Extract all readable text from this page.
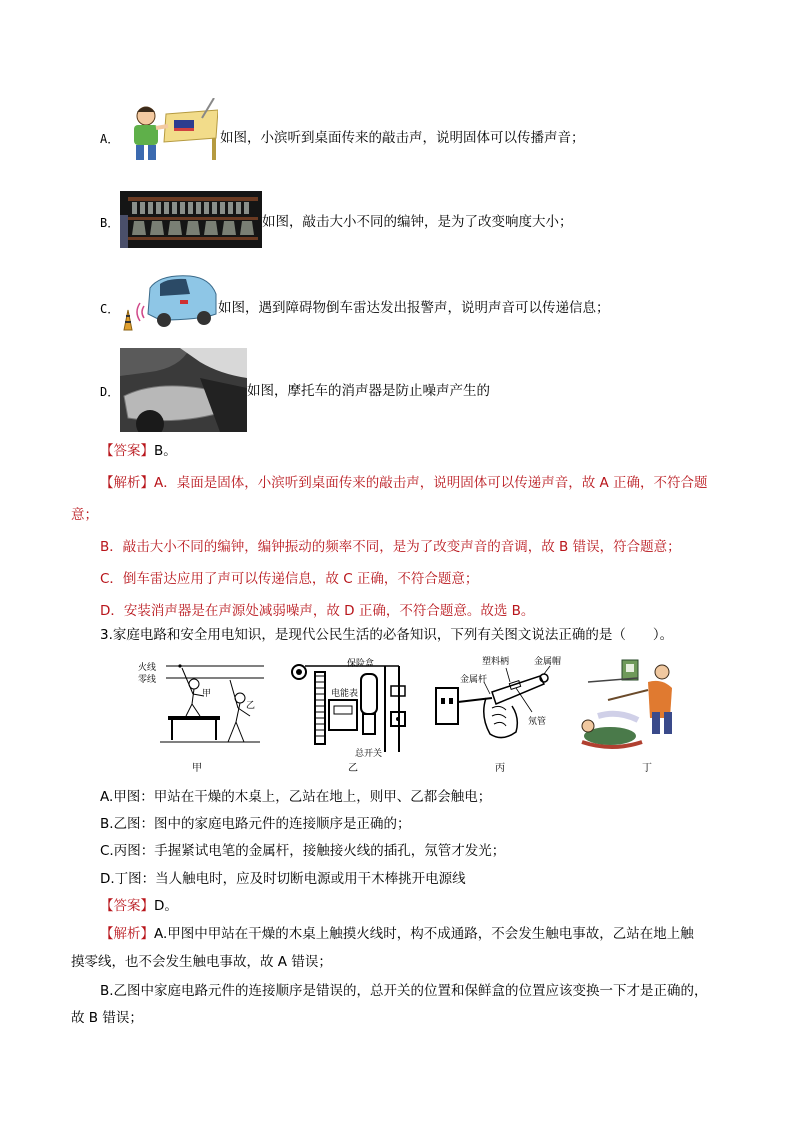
A．	如图，小滨听到桌面传来的敲击声，说明固体可以传播声音；
B．	如图，敲击大小不同的编钟，是为了改变响度大小；
C．	如图，遇到障碍物倒车雷达发出报警声，说明声音可以传递信息；
D．	如图，摩托车的消声器是防止噪声产生的
【答案】B。
【解析】A．桌面是固体，小滨听到桌面传来的敲击声，说明固体可以传递声音，故 A 正确，不符合题
意；
B．敲击大小不同的编钟，编钟振动的频率不同，是为了改变声音的音调，故 B 错误，符合题意；
C．倒车雷达应用了声可以传递信息，故 C 正确，不符合题意；
D．安装消声器是在声源处减弱噪声，故 D 正确，不符合题意。故选 B。
3.家庭电路和安全用电知识，是现代公民生活的必备知识，下列有关图文说法正确的是（　　）。
火线
零线
甲
乙
甲
保险盒
电能表
总开关
乙
塑料柄	金属帽
金属杆
氖管
丙	丁
A.甲图：甲站在干燥的木桌上，乙站在地上，则甲、乙都会触电；
B.乙图：图中的家庭电路元件的连接顺序是正确的；
C.丙图：手握紧试电笔的金属杆，接触接火线的插孔，氖管才发光；
D.丁图：当人触电时，应及时切断电源或用干木棒挑开电源线
【答案】D。
【解析】A.甲图中甲站在干燥的木桌上触摸火线时，构不成通路，不会发生触电事故，乙站在地上触
摸零线，也不会发生触电事故，故 A 错误；
B.乙图中家庭电路元件的连接顺序是错误的，总开关的位置和保鲜盒的位置应该变换一下才是正确的，
故 B 错误；
